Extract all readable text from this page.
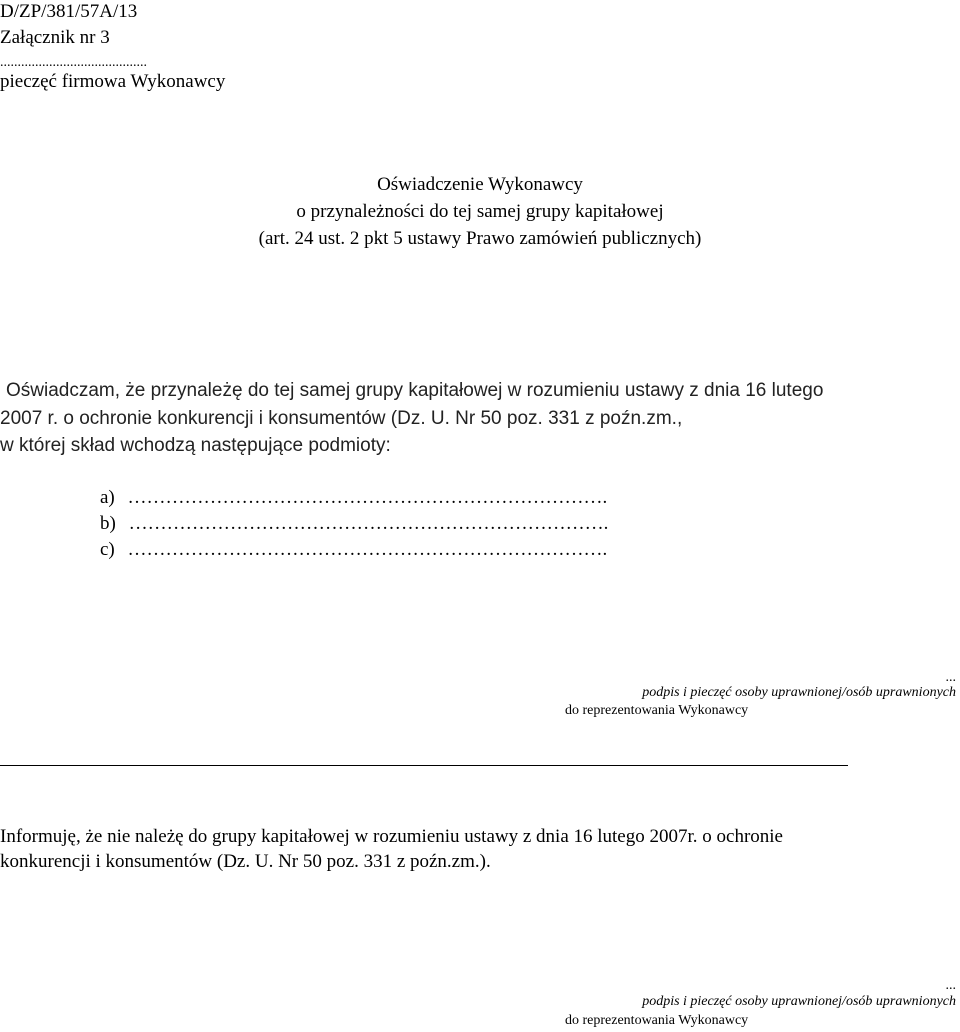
D/ZP/381/57A/13
Załącznik nr 3
..........................................
pieczęć firmowa Wykonawcy
Oświadczenie Wykonawcy
o przynależności do tej samej grupy kapitałowej
(art. 24 ust. 2 pkt 5 ustawy Prawo zamówień publicznych)
Oświadczam, że przynależę do tej samej grupy kapitałowej w rozumieniu ustawy z dnia 16 lutego
2007 r. o ochronie konkurencji i konsumentów (Dz. U. Nr 50 poz. 331 z poźn.zm.,
w której skład wchodzą następujące podmioty:
a) ………………………………………………………………….
b) ………………………………………………………………….
c) ………………………………………………………………….
...
podpis i pieczęć osoby uprawnionej/osób uprawnionych
do reprezentowania Wykonawcy
Informuję, że nie należę do grupy kapitałowej w rozumieniu ustawy z dnia 16 lutego 2007r. o ochronie
konkurencji i konsumentów (Dz. U. Nr 50 poz. 331 z poźn.zm.).
...
podpis i pieczęć osoby uprawnionej/osób uprawnionych
do reprezentowania Wykonawcy
